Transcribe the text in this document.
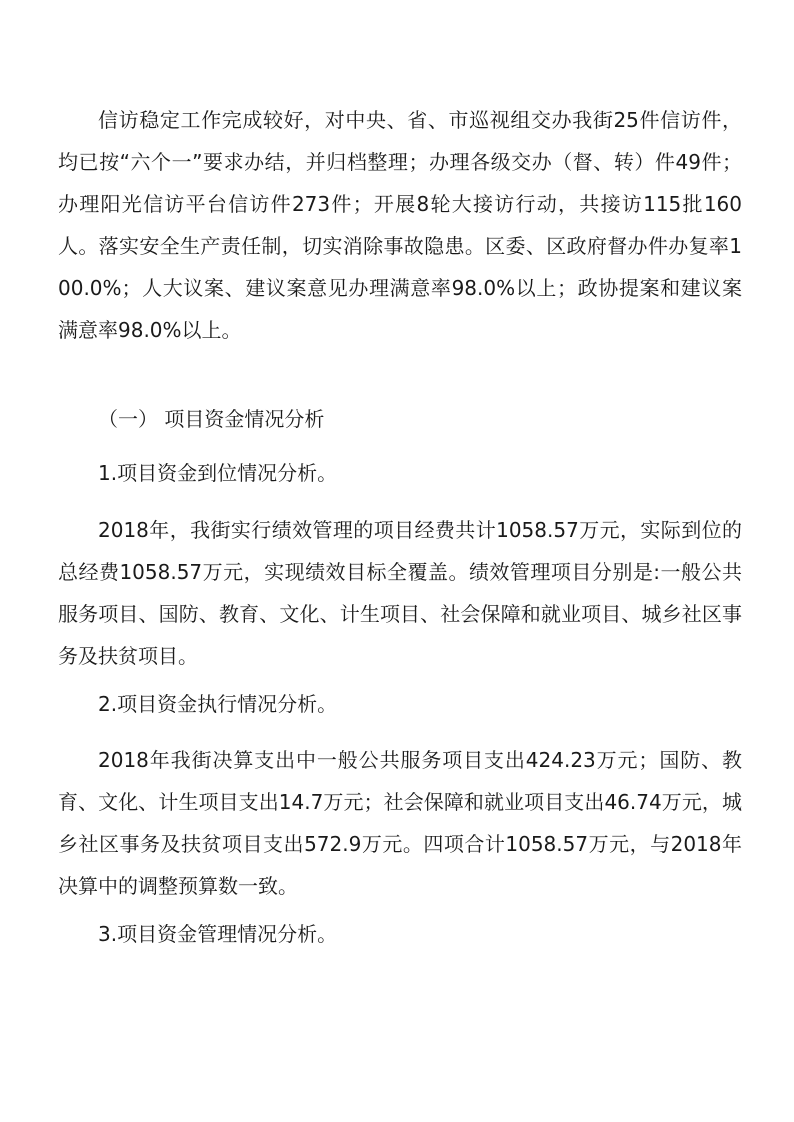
信访稳定工作完成较好，对中央、省、市巡视组交办我街25件信访件，均已按“六个一”要求办结，并归档整理；办理各级交办（督、转）件49件；办理阳光信访平台信访件273件；开展8轮大接访行动，共接访115批160人。落实安全生产责任制，切实消除事故隐患。区委、区政府督办件办复率100.0%；人大议案、建议案意见办理满意率98.0%以上；政协提案和建议案满意率98.0%以上。

（一） 项目资金情况分析

1.项目资金到位情况分析。

2018年，我街实行绩效管理的项目经费共计1058.57万元，实际到位的总经费1058.57万元，实现绩效目标全覆盖。绩效管理项目分别是:一般公共服务项目、国防、教育、文化、计生项目、社会保障和就业项目、城乡社区事务及扶贫项目。

2.项目资金执行情况分析。

2018年我街决算支出中一般公共服务项目支出424.23万元；国防、教育、文化、计生项目支出14.7万元；社会保障和就业项目支出46.74万元，城乡社区事务及扶贫项目支出572.9万元。四项合计1058.57万元，与2018年决算中的调整预算数一致。

3.项目资金管理情况分析。
